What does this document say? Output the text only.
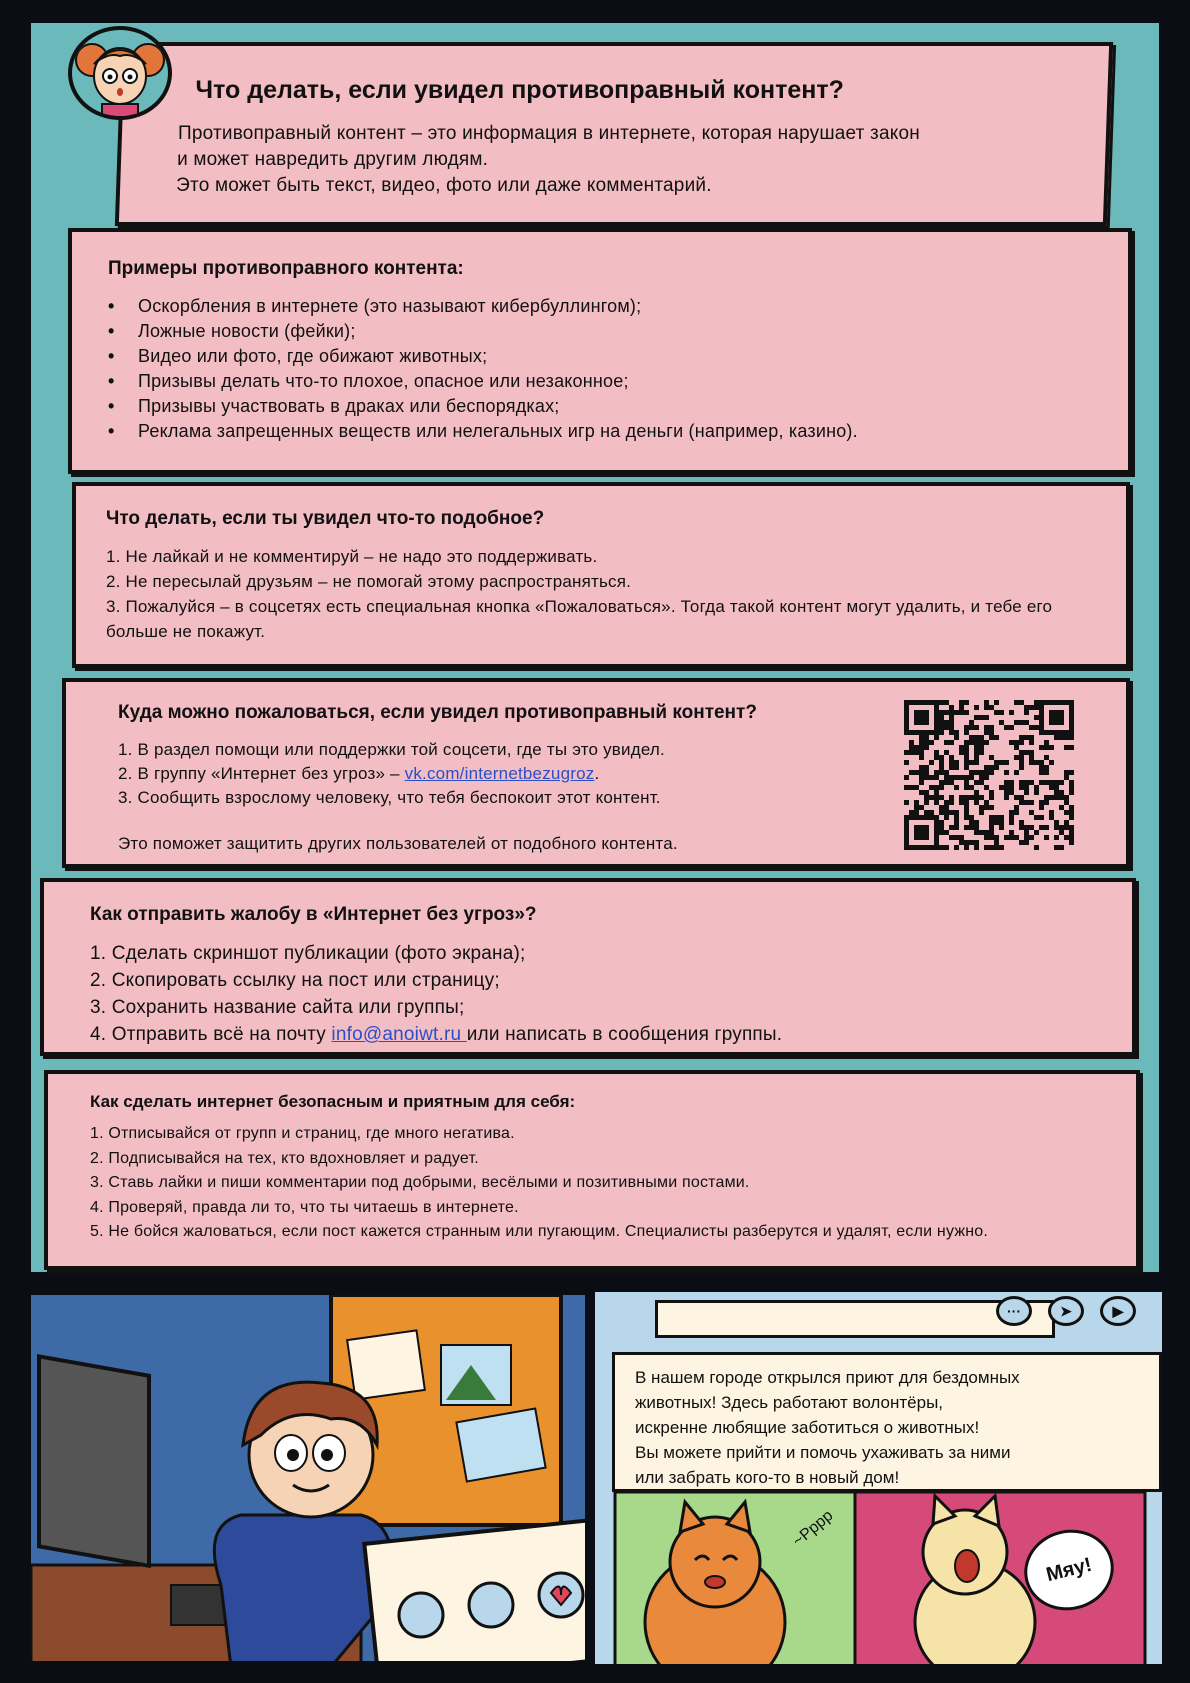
Что делать, если увидел противоправный контент?

Противоправный контент – это информация в интернете, которая нарушает закон

и может навредить другим людям.

Это может быть текст, видео, фото или даже комментарий.

Примеры противоправного контента:
• Оскорбления в интернете (это называют кибербуллингом);
• Ложные новости (фейки);
• Видео или фото, где обижают животных;
• Призывы делать что-то плохое, опасное или незаконное;
• Призывы участвовать в драках или беспорядках;
• Реклама запрещенных веществ или нелегальных игр на деньги (например, казино).
Что делать, если ты увидел что-то подобное?
1. Не лайкай и не комментируй – не надо это поддерживать.
2. Не пересылай друзьям – не помогай этому распространяться.
3. Пожалуйся – в соцсетях есть специальная кнопка «Пожаловаться». Тогда такой контент могут удалить, и тебе его больше не покажут.
Куда можно пожаловаться, если увидел противоправный контент?
1. В раздел помощи или поддержки той соцсети, где ты это увидел.
2. В группу «Интернет без угроз» – vk.com/internetbezugroz.
3. Сообщить взрослому человеку, что тебя беспокоит этот контент.

Это поможет защитить других пользователей от подобного контента.

Как отправить жалобу в «Интернет без угроз»?
1. Сделать скриншот публикации (фото экрана);
2. Скопировать ссылку на пост или страницу;
3. Сохранить название сайта или группы;
4. Отправить всё на почту info@anoiwt.ru или написать в сообщения группы.
Как сделать интернет безопасным и приятным для себя:
1. Отписывайся от групп и страниц, где много негатива.
2. Подписывайся на тех, кто вдохновляет и радует.
3. Ставь лайки и пиши комментарии под добрыми, весёлыми и позитивными постами.
4. Проверяй, правда ли то, что ты читаешь в интернете.
5. Не бойся жаловаться, если пост кажется странным или пугающим. Специалисты разберутся и удалят, если нужно.
···	➤	▶

В нашем городе открылся приют для бездомных

животных! Здесь работают волонтёры,

искренне любящие заботиться о животных!

Вы можете прийти и помочь ухаживать за ними

или забрать кого-то в новый дом!

~Рррр
Мяу!
